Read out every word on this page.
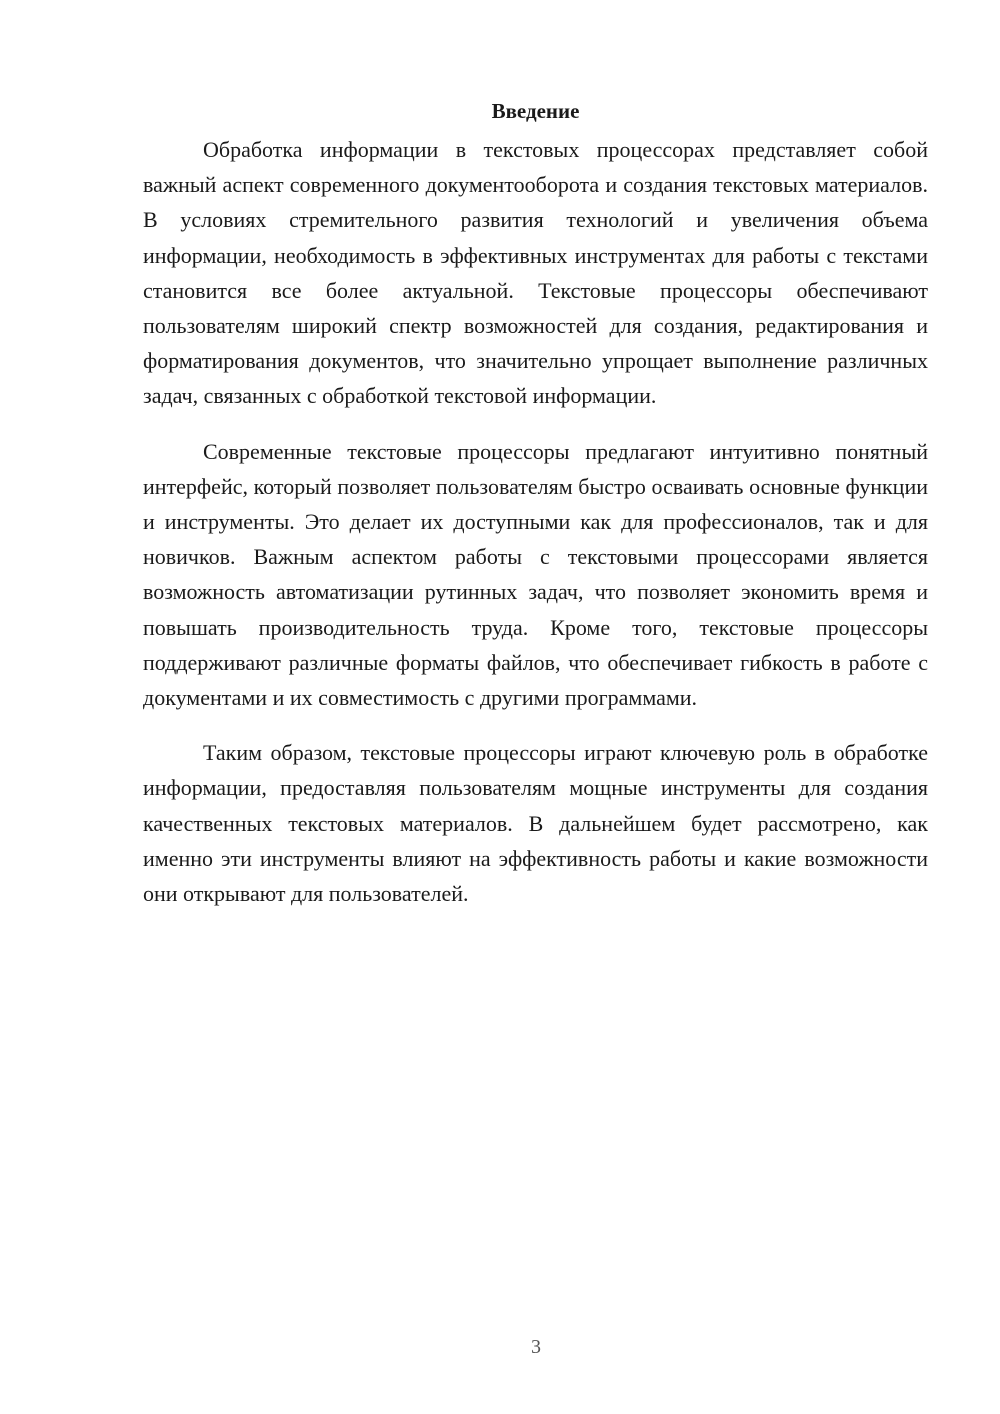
Введение

Обработка информации в текстовых процессорах представляет собой важный аспект современного документооборота и создания текстовых материалов. В условиях стремительного развития технологий и увеличения объема информации, необходимость в эффективных инструментах для работы с текстами становится все более актуальной. Текстовые процессоры обеспечивают пользователям широкий спектр возможностей для создания, редактирования и форматирования документов, что значительно упрощает выполнение различных задач, связанных с обработкой текстовой информации.

Современные текстовые процессоры предлагают интуитивно понятный интерфейс, который позволяет пользователям быстро осваивать основные функции и инструменты. Это делает их доступными как для профессионалов, так и для новичков. Важным аспектом работы с текстовыми процессорами является возможность автоматизации рутинных задач, что позволяет экономить время и повышать производительность труда. Кроме того, текстовые процессоры поддерживают различные форматы файлов, что обеспечивает гибкость в работе с документами и их совместимость с другими программами.

Таким образом, текстовые процессоры играют ключевую роль в обработке информации, предоставляя пользователям мощные инструменты для создания качественных текстовых материалов. В дальнейшем будет рассмотрено, как именно эти инструменты влияют на эффективность работы и какие возможности они открывают для пользователей.

3
